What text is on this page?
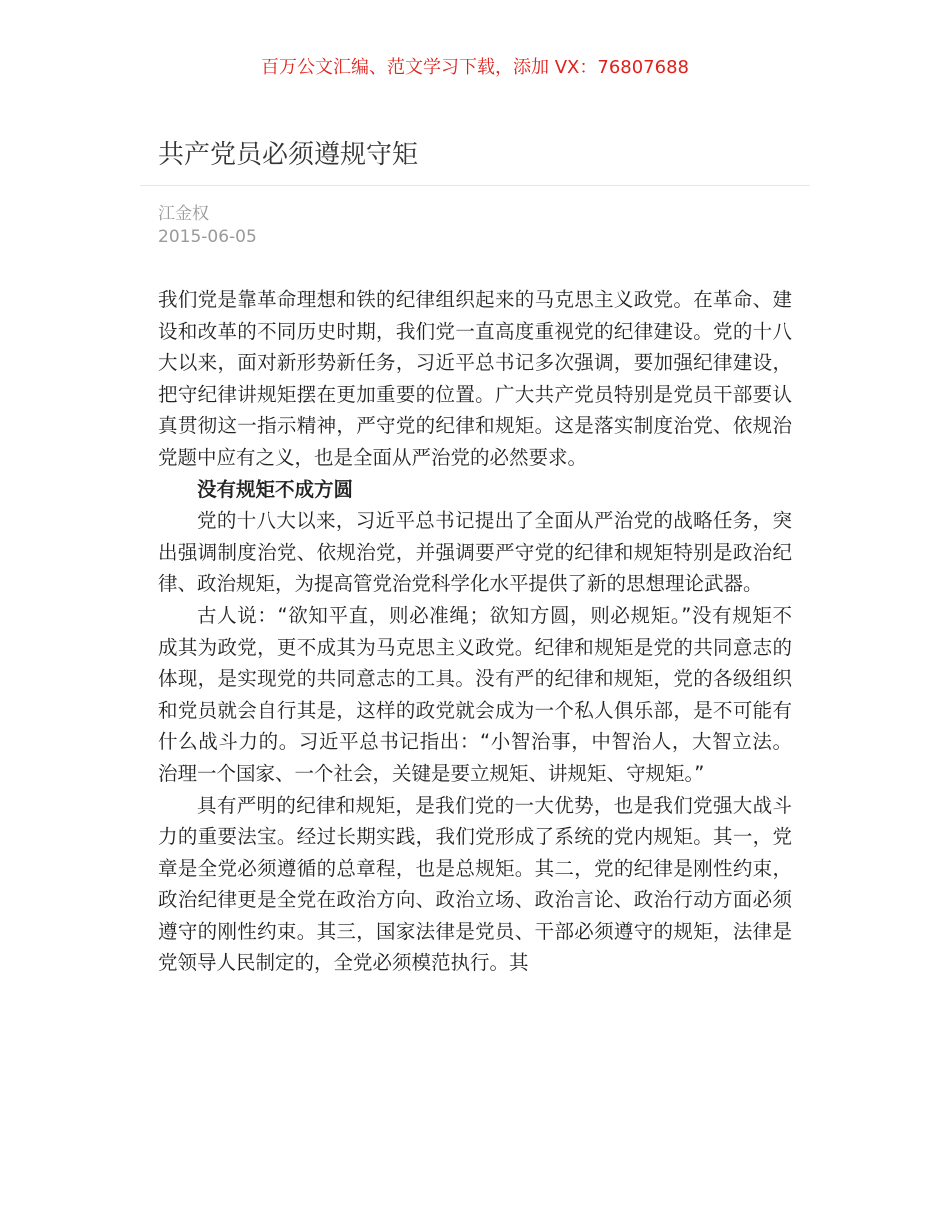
百万公文汇编、范文学习下载，添加 VX：76807688
共产党员必须遵规守矩
江金权
2015-06-05

我们党是靠革命理想和铁的纪律组织起来的马克思主义政党。在革命、建设和改革的不同历史时期，我们党一直高度重视党的纪律建设。党的十八大以来，面对新形势新任务，习近平总书记多次强调，要加强纪律建设，把守纪律讲规矩摆在更加重要的位置。广大共产党员特别是党员干部要认真贯彻这一指示精神，严守党的纪律和规矩。这是落实制度治党、依规治党题中应有之义，也是全面从严治党的必然要求。

没有规矩不成方圆

党的十八大以来，习近平总书记提出了全面从严治党的战略任务，突出强调制度治党、依规治党，并强调要严守党的纪律和规矩特别是政治纪律、政治规矩，为提高管党治党科学化水平提供了新的思想理论武器。

古人说：“欲知平直，则必准绳；欲知方圆，则必规矩。”没有规矩不成其为政党，更不成其为马克思主义政党。纪律和规矩是党的共同意志的体现，是实现党的共同意志的工具。没有严的纪律和规矩，党的各级组织和党员就会自行其是，这样的政党就会成为一个私人俱乐部，是不可能有什么战斗力的。习近平总书记指出：“小智治事，中智治人，大智立法。治理一个国家、一个社会，关键是要立规矩、讲规矩、守规矩。”

具有严明的纪律和规矩，是我们党的一大优势，也是我们党强大战斗力的重要法宝。经过长期实践，我们党形成了系统的党内规矩。其一，党章是全党必须遵循的总章程，也是总规矩。其二，党的纪律是刚性约束，政治纪律更是全党在政治方向、政治立场、政治言论、政治行动方面必须遵守的刚性约束。其三，国家法律是党员、干部必须遵守的规矩，法律是党领导人民制定的，全党必须模范执行。其
